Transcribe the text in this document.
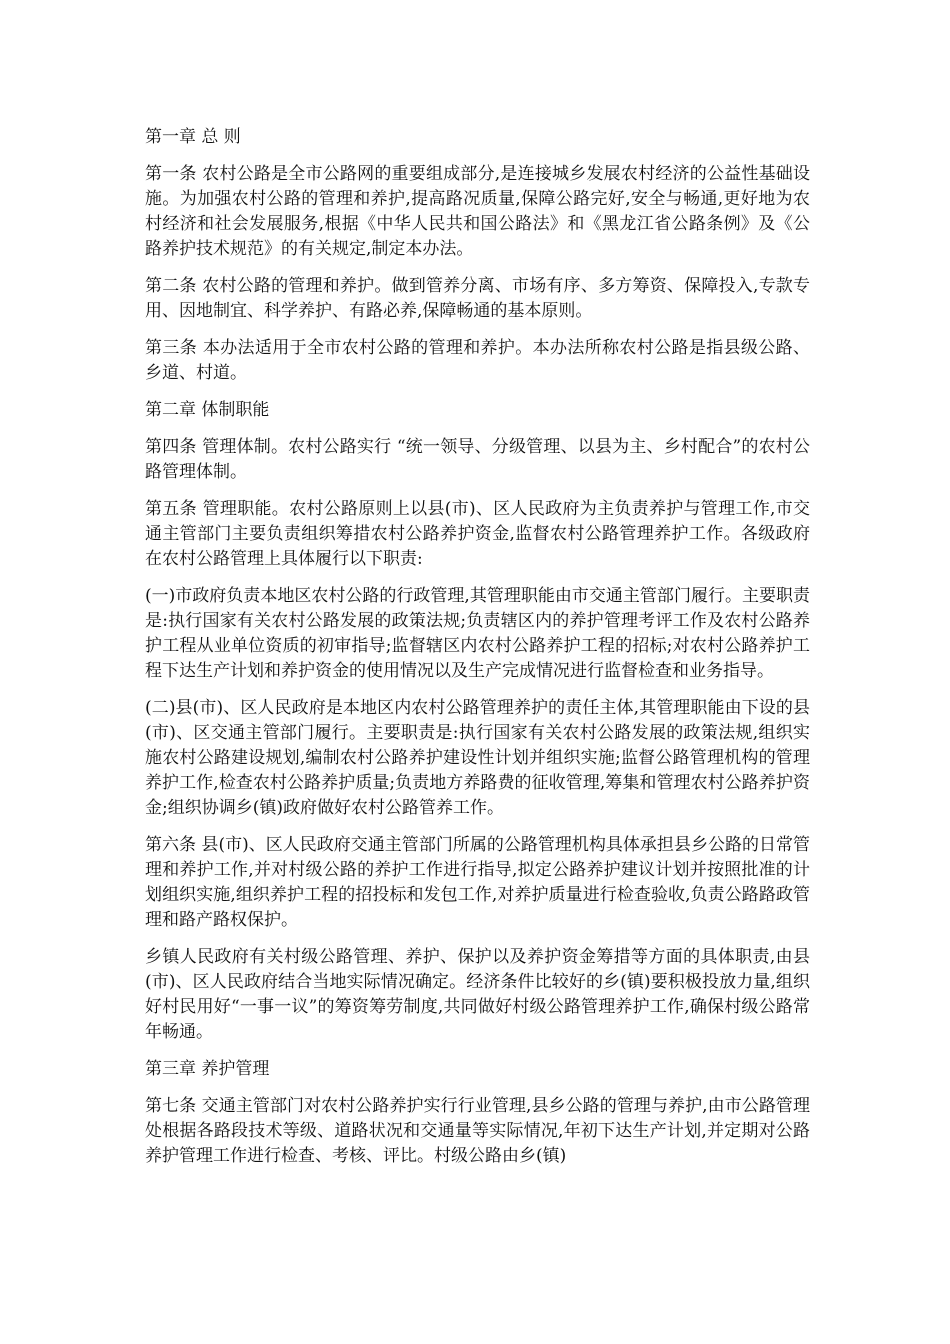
第一章 总 则
第一条 农村公路是全市公路网的重要组成部分,是连接城乡发展农村经济的公益性基础设施。为加强农村公路的管理和养护,提高路况质量,保障公路完好,安全与畅通,更好地为农村经济和社会发展服务,根据《中华人民共和国公路法》和《黑龙江省公路条例》及《公路养护技术规范》的有关规定,制定本办法。
第二条 农村公路的管理和养护。做到管养分离、市场有序、多方筹资、保障投入,专款专用、因地制宜、科学养护、有路必养,保障畅通的基本原则。
第三条 本办法适用于全市农村公路的管理和养护。本办法所称农村公路是指县级公路、乡道、村道。
第二章 体制职能
第四条 管理体制。农村公路实行 “统一领导、分级管理、以县为主、乡村配合”的农村公路管理体制。
第五条 管理职能。农村公路原则上以县(市)、区人民政府为主负责养护与管理工作,市交通主管部门主要负责组织筹措农村公路养护资金,监督农村公路管理养护工作。各级政府在农村公路管理上具体履行以下职责:
(一)市政府负责本地区农村公路的行政管理,其管理职能由市交通主管部门履行。主要职责是:执行国家有关农村公路发展的政策法规;负责辖区内的养护管理考评工作及农村公路养护工程从业单位资质的初审指导;监督辖区内农村公路养护工程的招标;对农村公路养护工程下达生产计划和养护资金的使用情况以及生产完成情况进行监督检查和业务指导。
(二)县(市)、区人民政府是本地区内农村公路管理养护的责任主体,其管理职能由下设的县(市)、区交通主管部门履行。主要职责是:执行国家有关农村公路发展的政策法规,组织实施农村公路建设规划,编制农村公路养护建设性计划并组织实施;监督公路管理机构的管理养护工作,检查农村公路养护质量;负责地方养路费的征收管理,筹集和管理农村公路养护资金;组织协调乡(镇)政府做好农村公路管养工作。
第六条 县(市)、区人民政府交通主管部门所属的公路管理机构具体承担县乡公路的日常管理和养护工作,并对村级公路的养护工作进行指导,拟定公路养护建议计划并按照批准的计划组织实施,组织养护工程的招投标和发包工作,对养护质量进行检查验收,负责公路路政管理和路产路权保护。
乡镇人民政府有关村级公路管理、养护、保护以及养护资金筹措等方面的具体职责,由县(市)、区人民政府结合当地实际情况确定。经济条件比较好的乡(镇)要积极投放力量,组织好村民用好“一事一议”的筹资筹劳制度,共同做好村级公路管理养护工作,确保村级公路常年畅通。
第三章 养护管理
第七条 交通主管部门对农村公路养护实行行业管理,县乡公路的管理与养护,由市公路管理处根据各路段技术等级、道路状况和交通量等实际情况,年初下达生产计划,并定期对公路养护管理工作进行检查、考核、评比。村级公路由乡(镇)
